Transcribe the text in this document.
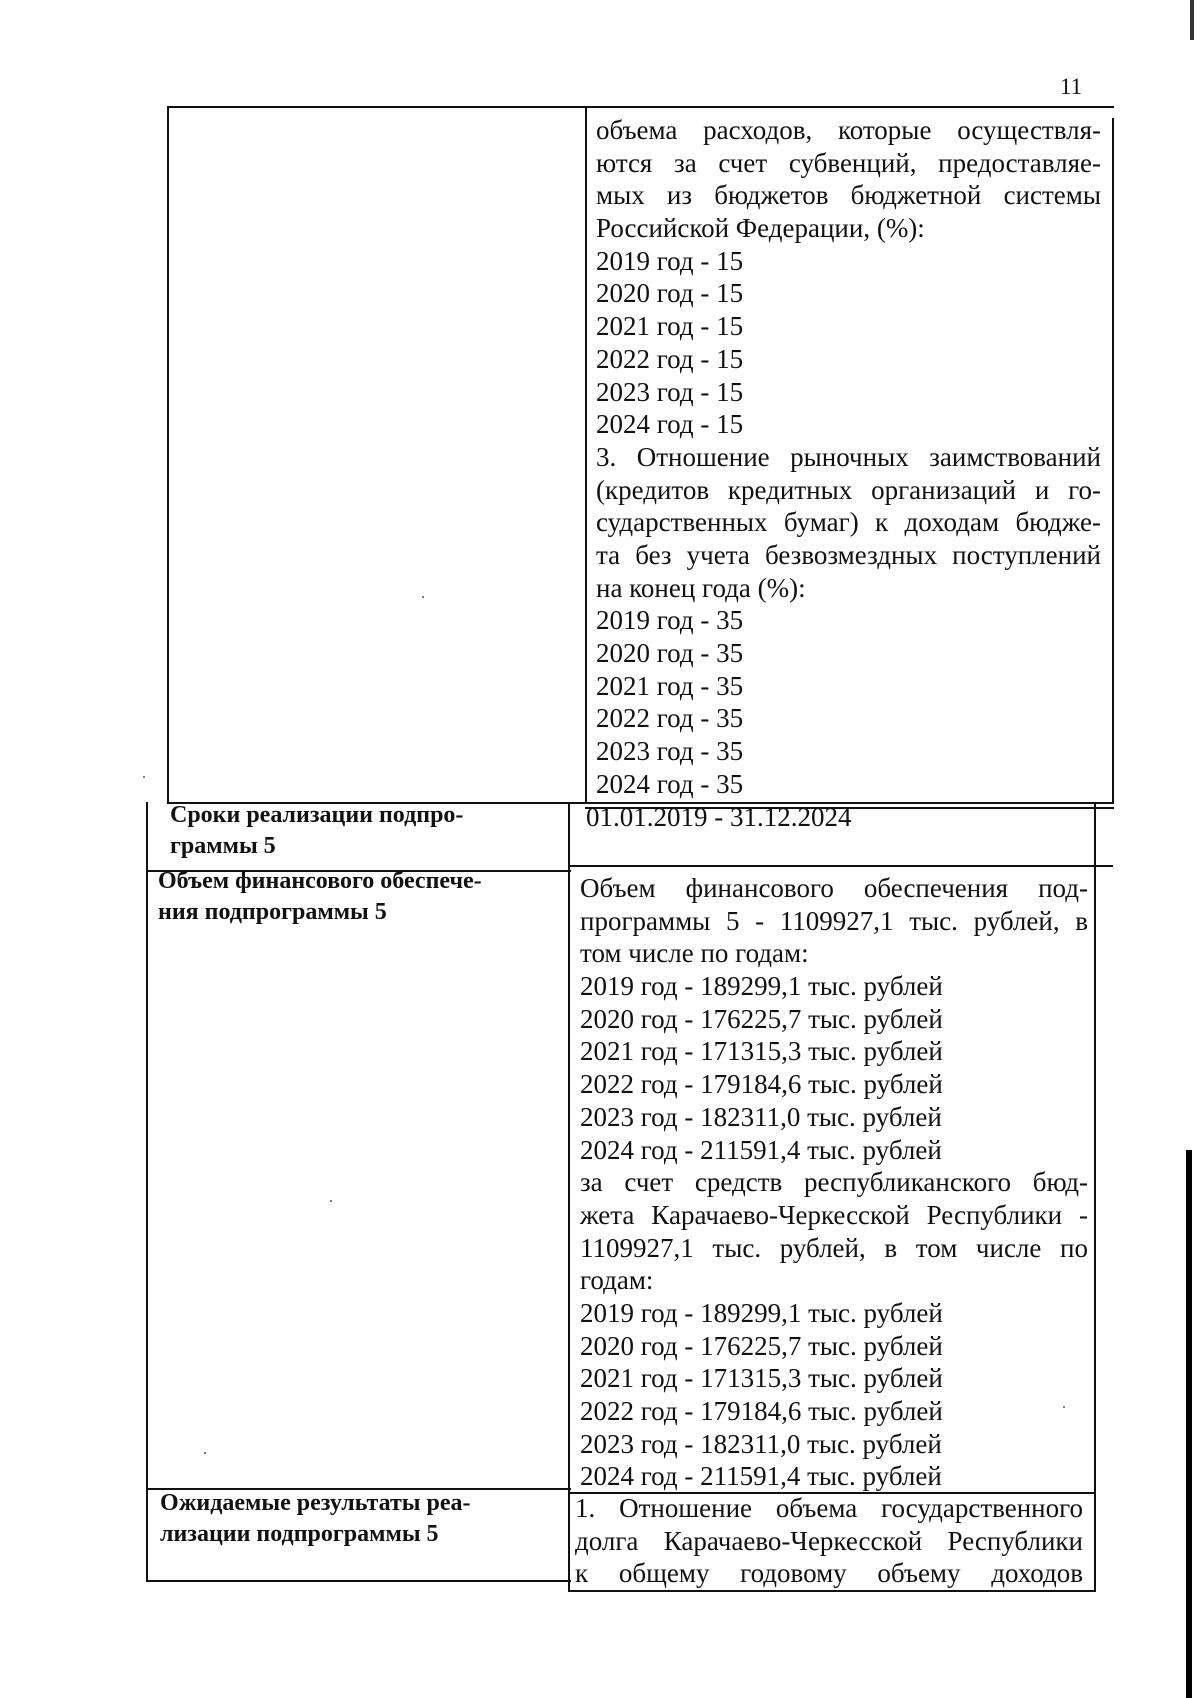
11
объема расходов, которые осуществля-
ются за счет субвенций, предоставляе-
мых из бюджетов бюджетной системы
Российской Федерации, (%):
2019 год - 15
2020 год - 15
2021 год - 15
2022 год - 15
2023 год - 15
2024 год - 15
3. Отношение рыночных заимствований
(кредитов кредитных организаций и го-
сударственных бумаг) к доходам бюдже-
та без учета безвозмездных поступлений
на конец года (%):
2019 год - 35
2020 год - 35
2021 год - 35
2022 год - 35
2023 год - 35
2024 год - 35
Сроки реализации подпро-
граммы 5
01.01.2019 - 31.12.2024
Объем финансового обеспече-
ния подпрограммы 5
Объем финансового обеспечения под-
программы 5 - 1109927,1 тыс. рублей, в
том числе по годам:
2019 год - 189299,1 тыс. рублей
2020 год - 176225,7 тыс. рублей
2021 год - 171315,3 тыс. рублей
2022 год - 179184,6 тыс. рублей
2023 год - 182311,0 тыс. рублей
2024 год - 211591,4 тыс. рублей
за счет средств республиканского бюд-
жета Карачаево-Черкесской Республики -
1109927,1 тыс. рублей, в том числе по
годам:
2019 год - 189299,1 тыс. рублей
2020 год - 176225,7 тыс. рублей
2021 год - 171315,3 тыс. рублей
2022 год - 179184,6 тыс. рублей
2023 год - 182311,0 тыс. рублей
2024 год - 211591,4 тыс. рублей
Ожидаемые результаты реа-
лизации подпрограммы 5
1. Отношение объема государственного
долга Карачаево-Черкесской Республики
к общему годовому объему доходов
